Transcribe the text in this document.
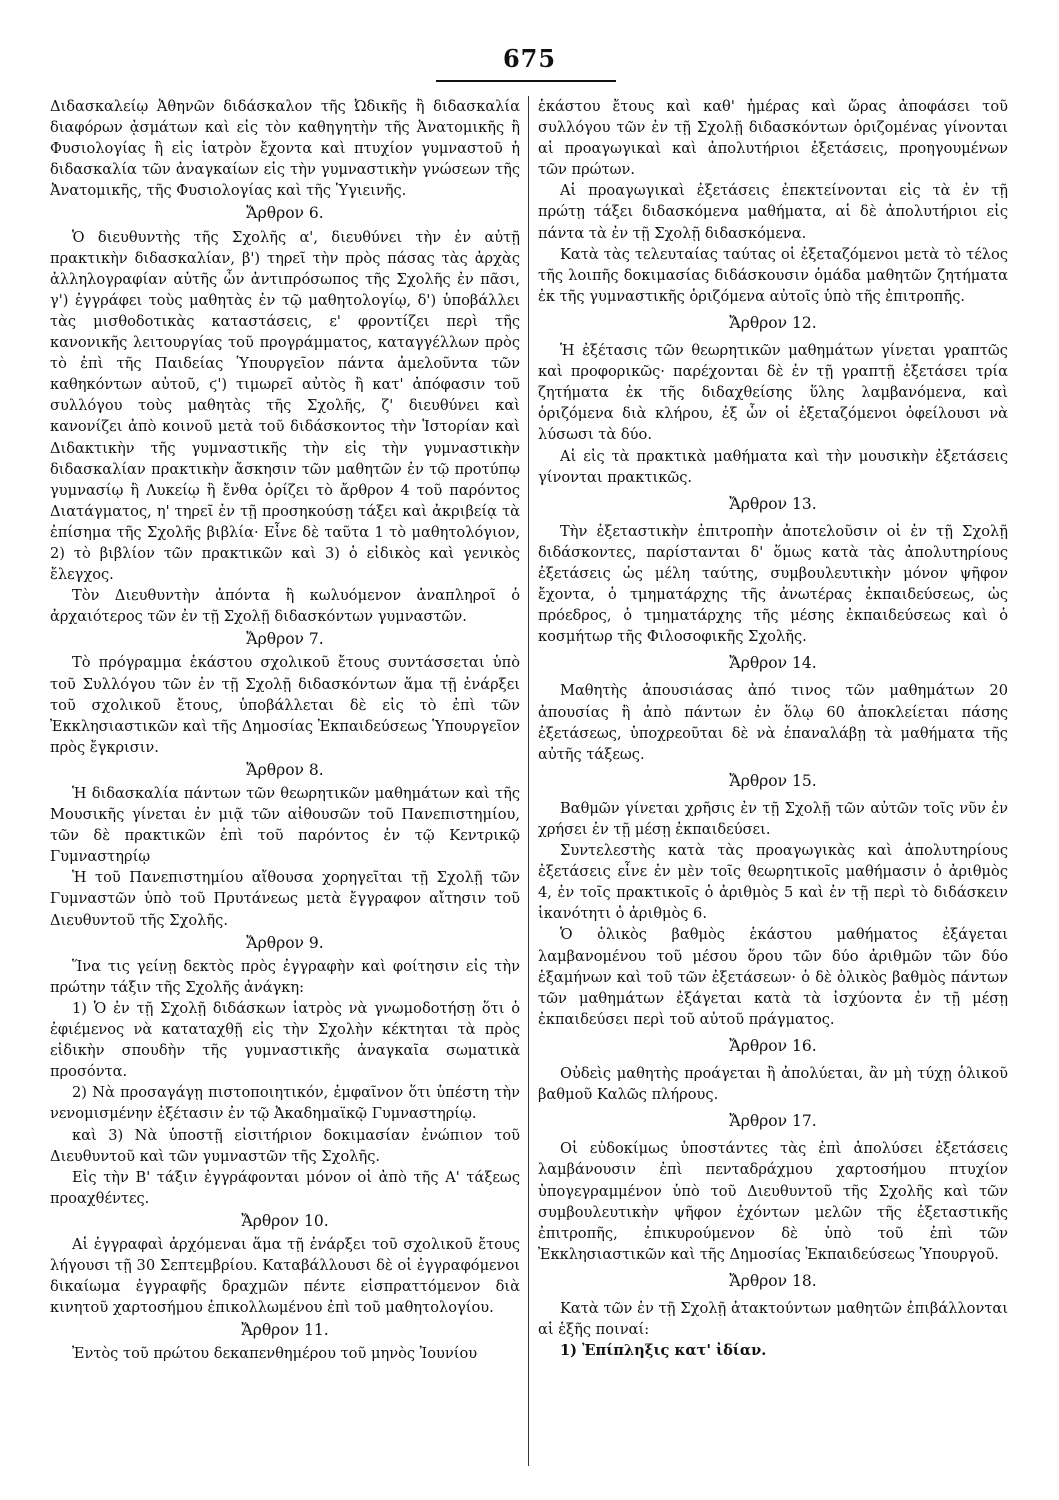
675

Διδασκαλείῳ Ἀθηνῶν διδάσκαλον τῆς Ὠδικῆς ἢ διδασκαλία διαφόρων ᾀσμάτων καὶ εἰς τὸν καθηγητὴν τῆς Ἀνατομικῆς ἢ Φυσιολογίας ἢ εἰς ἰατρὸν ἔχοντα καὶ πτυχίον γυμναστοῦ ἡ διδασκαλία τῶν ἀναγκαίων εἰς τὴν γυμναστικὴν γνώσεων τῆς Ἀνατομικῆς, τῆς Φυσιολογίας καὶ τῆς Ὑγιεινῆς.

Ἄρθρον 6.

Ὁ διευθυντὴς τῆς Σχολῆς α', διευθύνει τὴν ἐν αὐτῇ πρακτικὴν διδασκαλίαν, β') τηρεῖ τὴν πρὸς πάσας τὰς ἀρχὰς ἀλληλογραφίαν αὐτῆς ὧν ἀντιπρόσωπος τῆς Σχολῆς ἐν πᾶσι, γ') ἐγγράφει τοὺς μαθητὰς ἐν τῷ μαθητολογίῳ, δ') ὑποβάλλει τὰς μισθοδοτικὰς καταστάσεις, ε' φροντίζει περὶ τῆς κανονικῆς λειτουργίας τοῦ προγράμματος, καταγγέλλων πρὸς τὸ ἐπὶ τῆς Παιδείας Ὑπουργεῖον πάντα ἀμελοῦντα τῶν καθηκόντων αὐτοῦ, ϛ') τιμωρεῖ αὐτὸς ἢ κατ' ἀπόφασιν τοῦ συλλόγου τοὺς μαθητὰς τῆς Σχολῆς, ζ' διευθύνει καὶ κανονίζει ἀπὸ κοινοῦ μετὰ τοῦ διδάσκοντος τὴν Ἱστορίαν καὶ Διδακτικὴν τῆς γυμναστικῆς τὴν εἰς τὴν γυμναστικὴν διδασκαλίαν πρακτικὴν ἄσκησιν τῶν μαθητῶν ἐν τῷ προτύπῳ γυμνασίῳ ἢ Λυκείῳ ἢ ἔνθα ὁρίζει τὸ ἄρθρον 4 τοῦ παρόντος Διατάγματος, η' τηρεῖ ἐν τῇ προσηκούσῃ τάξει καὶ ἀκριβείᾳ τὰ ἐπίσημα τῆς Σχολῆς βιβλία· Εἶνε δὲ ταῦτα 1 τὸ μαθητολόγιον, 2) τὸ βιβλίον τῶν πρακτικῶν καὶ 3) ὁ εἰδικὸς καὶ γενικὸς ἔλεγχος.

Τὸν Διευθυντὴν ἀπόντα ἢ κωλυόμενον ἀναπληροῖ ὁ ἀρχαιότερος τῶν ἐν τῇ Σχολῇ διδασκόντων γυμναστῶν.

Ἄρθρον 7.

Τὸ πρόγραμμα ἑκάστου σχολικοῦ ἔτους συντάσσεται ὑπὸ τοῦ Συλλόγου τῶν ἐν τῇ Σχολῇ διδασκόντων ἅμα τῇ ἐνάρξει τοῦ σχολικοῦ ἔτους, ὑποβάλλεται δὲ εἰς τὸ ἐπὶ τῶν Ἐκκλησιαστικῶν καὶ τῆς Δημοσίας Ἐκπαιδεύσεως Ὑπουργεῖον πρὸς ἔγκρισιν.

Ἄρθρον 8.

Ἡ διδασκαλία πάντων τῶν θεωρητικῶν μαθημάτων καὶ τῆς Μουσικῆς γίνεται ἐν μιᾷ τῶν αἰθουσῶν τοῦ Πανεπιστημίου, τῶν δὲ πρακτικῶν ἐπὶ τοῦ παρόντος ἐν τῷ Κεντρικῷ Γυμναστηρίῳ

Ἡ τοῦ Πανεπιστημίου αἴθουσα χορηγεῖται τῇ Σχολῇ τῶν Γυμναστῶν ὑπὸ τοῦ Πρυτάνεως μετὰ ἔγγραφον αἴτησιν τοῦ Διευθυντοῦ τῆς Σχολῆς.

Ἄρθρον 9.

Ἵνα τις γείνῃ δεκτὸς πρὸς ἐγγραφὴν καὶ φοίτησιν εἰς τὴν πρώτην τάξιν τῆς Σχολῆς ἀνάγκη:

1) Ὁ ἐν τῇ Σχολῇ διδάσκων ἰατρὸς νὰ γνωμοδοτήσῃ ὅτι ὁ ἐφιέμενος νὰ καταταχθῇ εἰς τὴν Σχολὴν κέκτηται τὰ πρὸς εἰδικὴν σπουδὴν τῆς γυμναστικῆς ἀναγκαῖα σωματικὰ προσόντα.

2) Νὰ προσαγάγῃ πιστοποιητικόν, ἐμφαῖνον ὅτι ὑπέστη τὴν νενομισμένην ἐξέτασιν ἐν τῷ Ἀκαδημαϊκῷ Γυμναστηρίῳ.

καὶ 3) Νὰ ὑποστῇ εἰσιτήριον δοκιμασίαν ἐνώπιον τοῦ Διευθυντοῦ καὶ τῶν γυμναστῶν τῆς Σχολῆς.

Εἰς τὴν Β' τάξιν ἐγγράφονται μόνον οἱ ἀπὸ τῆς Α' τάξεως προαχθέντες.

Ἄρθρον 10.

Αἱ ἐγγραφαὶ ἀρχόμεναι ἅμα τῇ ἐνάρξει τοῦ σχολικοῦ ἔτους λήγουσι τῇ 30 Σεπτεμβρίου. Καταβάλλουσι δὲ οἱ ἐγγραφόμενοι δικαίωμα ἐγγραφῆς δραχμῶν πέντε εἰσπραττόμενον διὰ κινητοῦ χαρτοσήμου ἐπικολλωμένου ἐπὶ τοῦ μαθητολογίου.

Ἄρθρον 11.

Ἐντὸς τοῦ πρώτου δεκαπενθημέρου τοῦ μηνὸς Ἰουνίου

ἑκάστου ἔτους καὶ καθ' ἡμέρας καὶ ὥρας ἀποφάσει τοῦ συλλόγου τῶν ἐν τῇ Σχολῇ διδασκόντων ὁριζομένας γίνονται αἱ προαγωγικαὶ καὶ ἀπολυτήριοι ἐξετάσεις, προηγουμένων τῶν πρώτων.

Αἱ προαγωγικαὶ ἐξετάσεις ἐπεκτείνονται εἰς τὰ ἐν τῇ πρώτῃ τάξει διδασκόμενα μαθήματα, αἱ δὲ ἀπολυτήριοι εἰς πάντα τὰ ἐν τῇ Σχολῇ διδασκόμενα.

Κατὰ τὰς τελευταίας ταύτας οἱ ἐξεταζόμενοι μετὰ τὸ τέλος τῆς λοιπῆς δοκιμασίας διδάσκουσιν ὁμάδα μαθητῶν ζητήματα ἐκ τῆς γυμναστικῆς ὁριζόμενα αὐτοῖς ὑπὸ τῆς ἐπιτροπῆς.

Ἄρθρον 12.

Ἡ ἐξέτασις τῶν θεωρητικῶν μαθημάτων γίνεται γραπτῶς καὶ προφορικῶς· παρέχονται δὲ ἐν τῇ γραπτῇ ἐξετάσει τρία ζητήματα ἐκ τῆς διδαχθείσης ὕλης λαμβανόμενα, καὶ ὁριζόμενα διὰ κλήρου, ἐξ ὧν οἱ ἐξεταζόμενοι ὀφείλουσι νὰ λύσωσι τὰ δύο.

Αἱ εἰς τὰ πρακτικὰ μαθήματα καὶ τὴν μουσικὴν ἐξετάσεις γίνονται πρακτικῶς.

Ἄρθρον 13.

Τὴν ἐξεταστικὴν ἐπιτροπὴν ἀποτελοῦσιν οἱ ἐν τῇ Σχολῇ διδάσκοντες, παρίστανται δ' ὅμως κατὰ τὰς ἀπολυτηρίους ἐξετάσεις ὡς μέλη ταύτης, συμβουλευτικὴν μόνον ψῆφον ἔχοντα, ὁ τμηματάρχης τῆς ἀνωτέρας ἐκπαιδεύσεως, ὡς πρόεδρος, ὁ τμηματάρχης τῆς μέσης ἐκπαιδεύσεως καὶ ὁ κοσμήτωρ τῆς Φιλοσοφικῆς Σχολῆς.

Ἄρθρον 14.

Μαθητὴς ἀπουσιάσας ἀπό τινος τῶν μαθημάτων 20 ἀπουσίας ἢ ἀπὸ πάντων ἐν ὅλῳ 60 ἀποκλείεται πάσης ἐξετάσεως, ὑποχρεοῦται δὲ νὰ ἐπαναλάβῃ τὰ μαθήματα τῆς αὐτῆς τάξεως.

Ἄρθρον 15.

Βαθμῶν γίνεται χρῆσις ἐν τῇ Σχολῇ τῶν αὐτῶν τοῖς νῦν ἐν χρήσει ἐν τῇ μέσῃ ἐκπαιδεύσει.

Συντελεστὴς κατὰ τὰς προαγωγικὰς καὶ ἀπολυτηρίους ἐξετάσεις εἶνε ἐν μὲν τοῖς θεωρητικοῖς μαθήμασιν ὁ ἀριθμὸς 4, ἐν τοῖς πρακτικοῖς ὁ ἀριθμὸς 5 καὶ ἐν τῇ περὶ τὸ διδάσκειν ἱκανότητι ὁ ἀριθμὸς 6.

Ὁ ὁλικὸς βαθμὸς ἑκάστου μαθήματος ἐξάγεται λαμβανομένου τοῦ μέσου ὅρου τῶν δύο ἀριθμῶν τῶν δύο ἑξαμήνων καὶ τοῦ τῶν ἐξετάσεων· ὁ δὲ ὁλικὸς βαθμὸς πάντων τῶν μαθημάτων ἐξάγεται κατὰ τὰ ἰσχύοντα ἐν τῇ μέσῃ ἐκπαιδεύσει περὶ τοῦ αὐτοῦ πράγματος.

Ἄρθρον 16.

Οὐδεὶς μαθητὴς προάγεται ἢ ἀπολύεται, ἂν μὴ τύχῃ ὁλικοῦ βαθμοῦ Καλῶς πλήρους.

Ἄρθρον 17.

Οἱ εὐδοκίμως ὑποστάντες τὰς ἐπὶ ἀπολύσει ἐξετάσεις λαμβάνουσιν ἐπὶ πενταδράχμου χαρτοσήμου πτυχίον ὑπογεγραμμένον ὑπὸ τοῦ Διευθυντοῦ τῆς Σχολῆς καὶ τῶν συμβουλευτικὴν ψῆφον ἐχόντων μελῶν τῆς ἐξεταστικῆς ἐπιτροπῆς, ἐπικυρούμενον δὲ ὑπὸ τοῦ ἐπὶ τῶν Ἐκκλησιαστικῶν καὶ τῆς Δημοσίας Ἐκπαιδεύσεως Ὑπουργοῦ.

Ἄρθρον 18.

Κατὰ τῶν ἐν τῇ Σχολῇ ἀτακτούντων μαθητῶν ἐπιβάλλονται αἱ ἑξῆς ποιναί:

1) Ἐπίπληξις κατ' ἰδίαν.
